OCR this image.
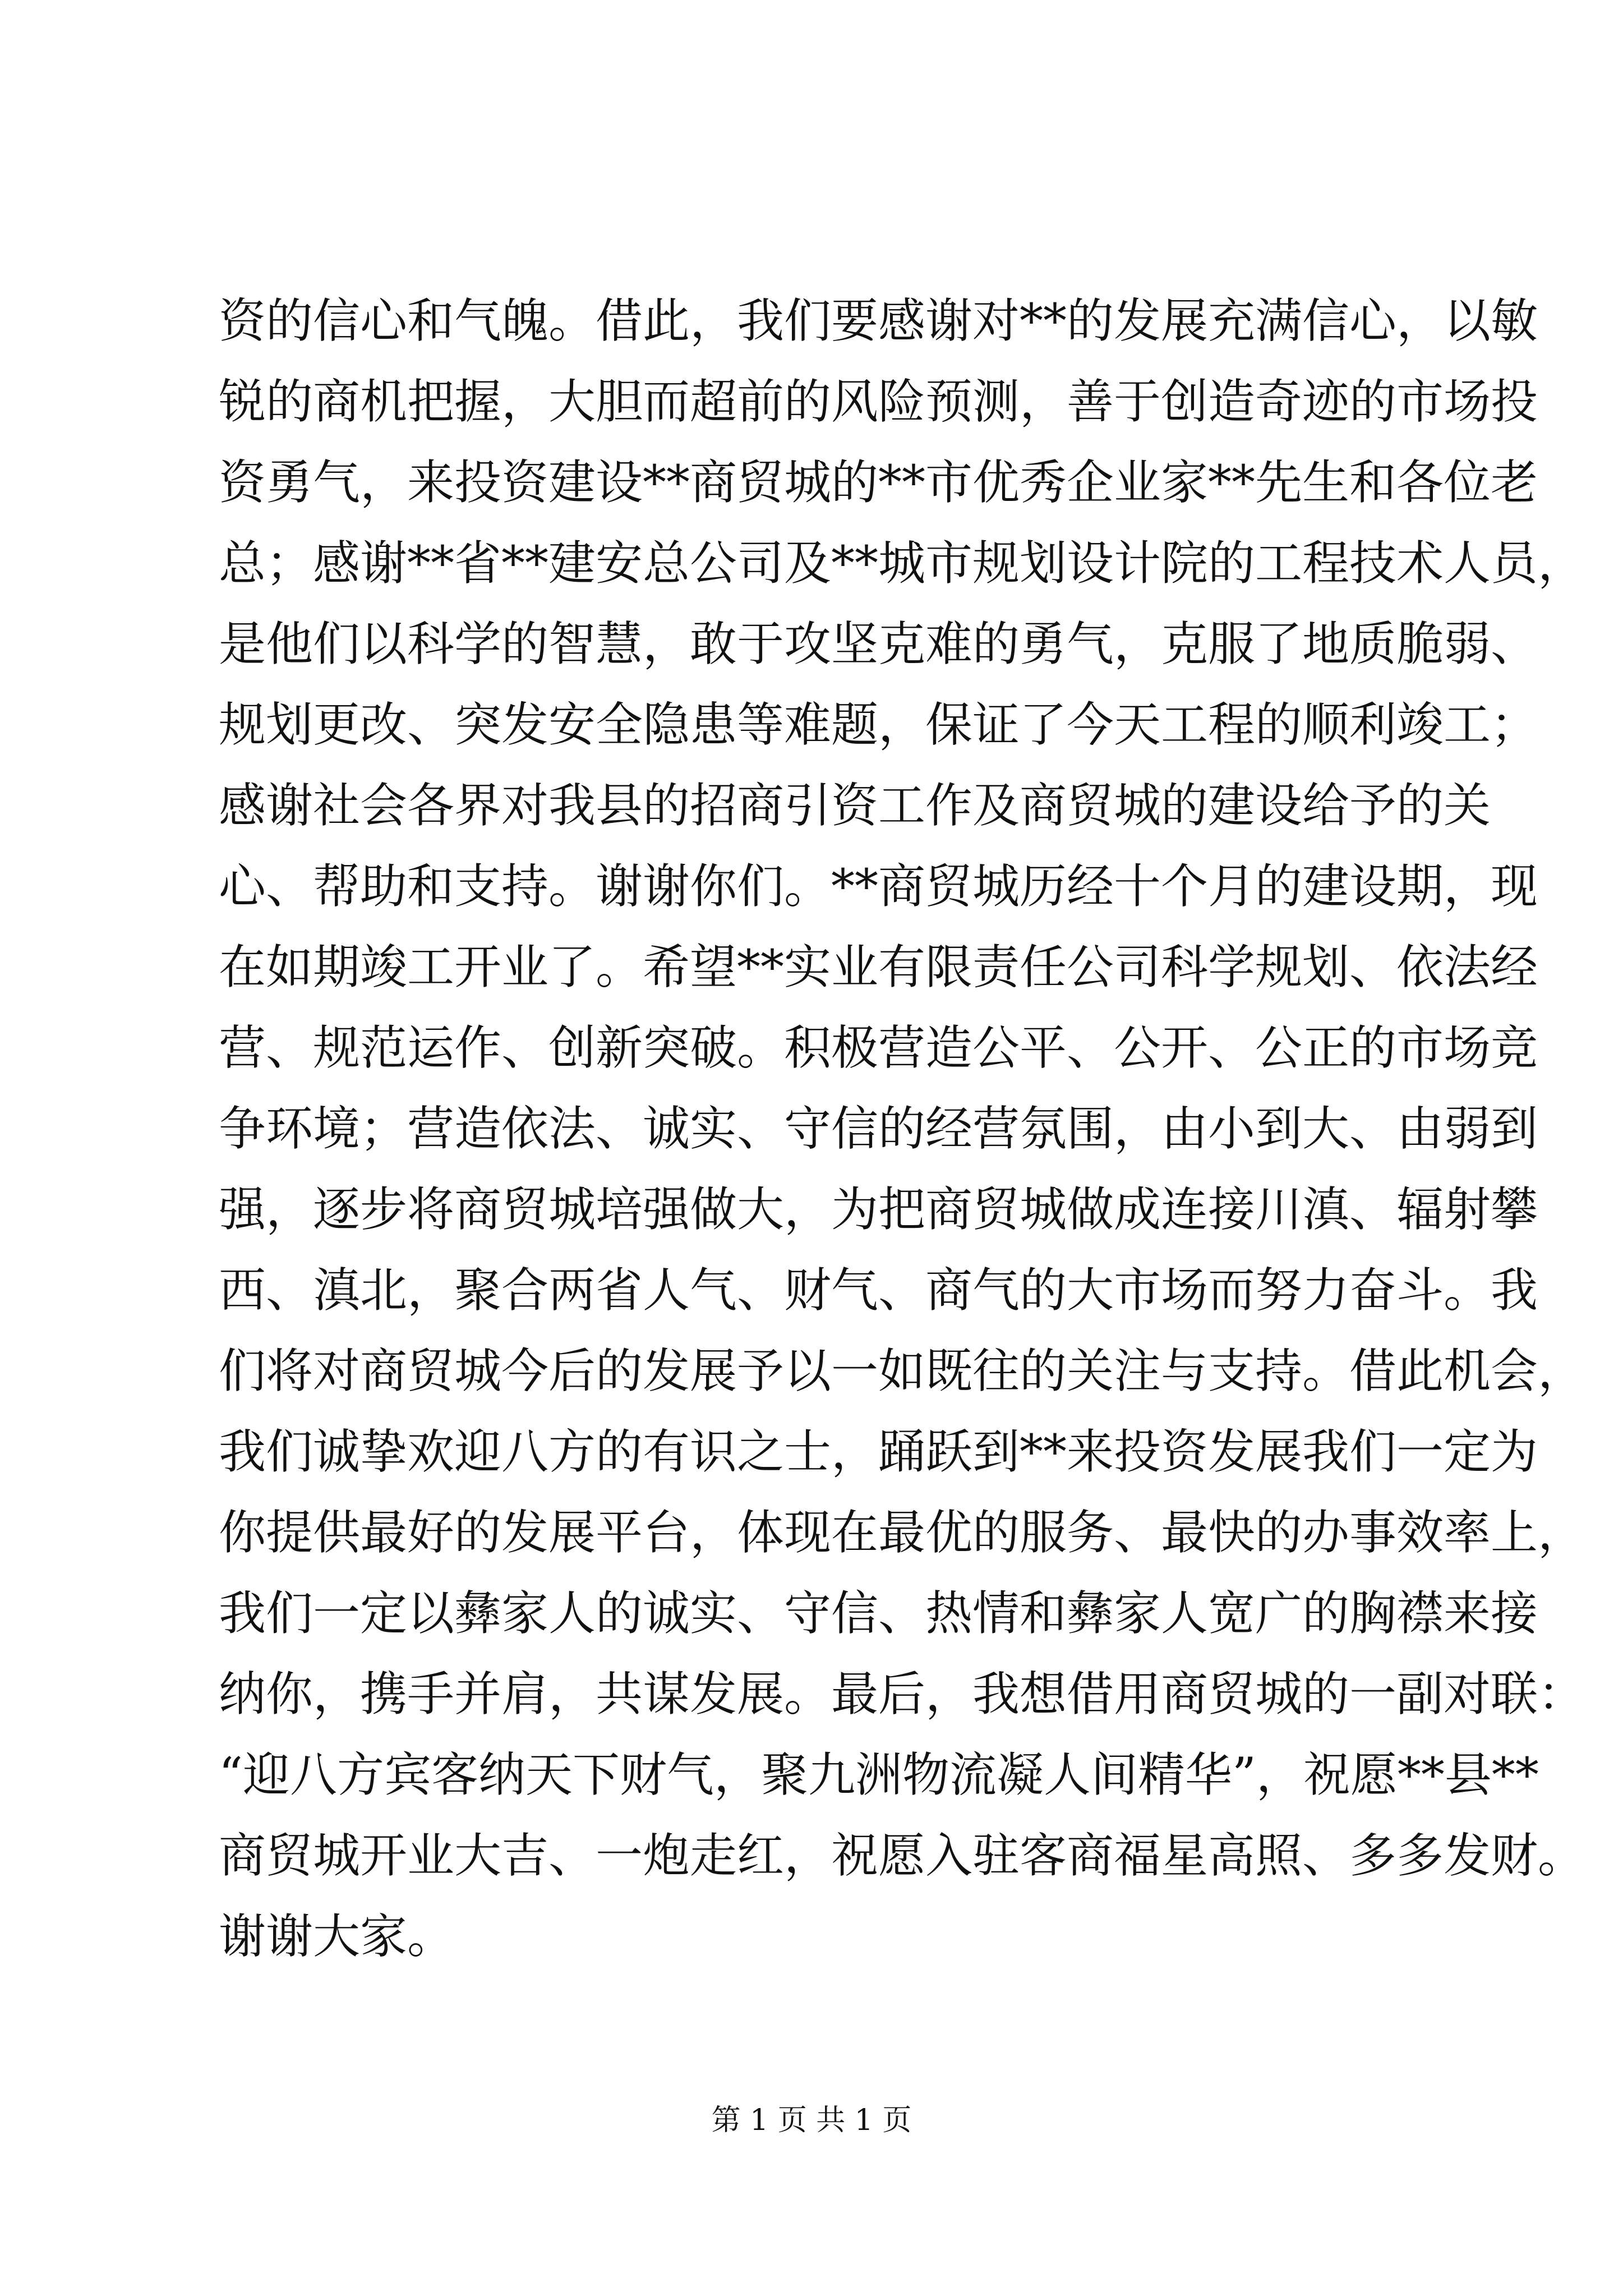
资的信心和气魄。借此，我们要感谢对**的发展充满信心，以敏
锐的商机把握，大胆而超前的风险预测，善于创造奇迹的市场投
资勇气，来投资建设**商贸城的**市优秀企业家**先生和各位老
总；感谢**省**建安总公司及**城市规划设计院的工程技术人员，
是他们以科学的智慧，敢于攻坚克难的勇气，克服了地质脆弱、
规划更改、突发安全隐患等难题，保证了今天工程的顺利竣工；
感谢社会各界对我县的招商引资工作及商贸城的建设给予的关
心、帮助和支持。谢谢你们。**商贸城历经十个月的建设期，现
在如期竣工开业了。希望**实业有限责任公司科学规划、依法经
营、规范运作、创新突破。积极营造公平、公开、公正的市场竞
争环境；营造依法、诚实、守信的经营氛围，由小到大、由弱到
强，逐步将商贸城培强做大，为把商贸城做成连接川滇、辐射攀
西、滇北，聚合两省人气、财气、商气的大市场而努力奋斗。我
们将对商贸城今后的发展予以一如既往的关注与支持。借此机会，
我们诚挚欢迎八方的有识之士，踊跃到**来投资发展我们一定为
你提供最好的发展平台，体现在最优的服务、最快的办事效率上，
我们一定以彝家人的诚实、守信、热情和彝家人宽广的胸襟来接
纳你，携手并肩，共谋发展。最后，我想借用商贸城的一副对联：
“迎八方宾客纳天下财气，聚九洲物流凝人间精华”，祝愿**县**
商贸城开业大吉、一炮走红，祝愿入驻客商福星高照、多多发财。
谢谢大家。
第 1 页 共 1 页
